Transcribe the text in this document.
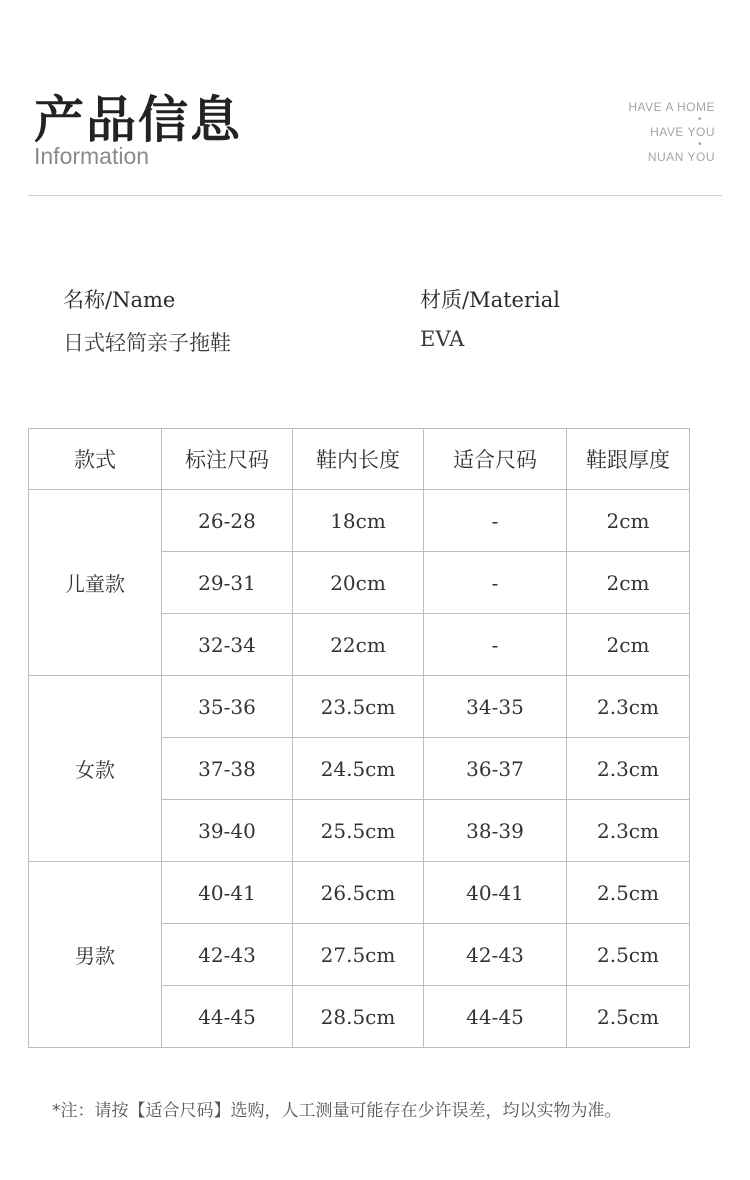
产品信息
Information
HAVE A HOME
•
HAVE YOU
•
NUAN YOU
名称/Name
日式轻简亲子拖鞋
材质/Material
EVA
款式	标注尺码	鞋内长度	适合尺码	鞋跟厚度
儿童款	26-28	18cm	-	2cm
	29-31	20cm	-	2cm
	32-34	22cm	-	2cm
女款	35-36	23.5cm	34-35	2.3cm
	37-38	24.5cm	36-37	2.3cm
	39-40	25.5cm	38-39	2.3cm
男款	40-41	26.5cm	40-41	2.5cm
	42-43	27.5cm	42-43	2.5cm
	44-45	28.5cm	44-45	2.5cm
*注：请按【适合尺码】选购，人工测量可能存在少许误差，均以实物为准。
